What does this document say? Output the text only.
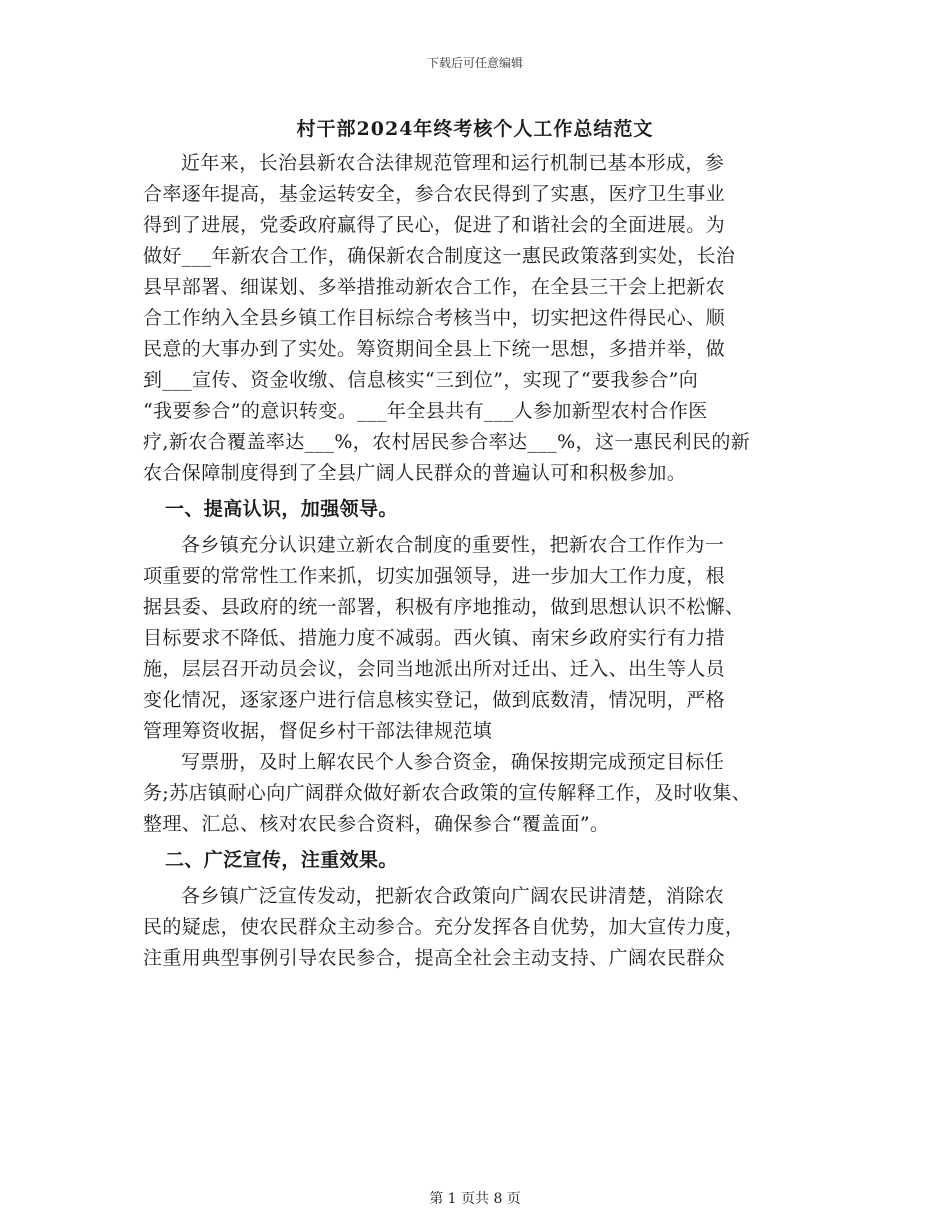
下载后可任意编辑
村干部2024年终考核个人工作总结范文
近年来，长治县新农合法律规范管理和运行机制已基本形成，参
合率逐年提高，基金运转安全，参合农民得到了实惠，医疗卫生事业
得到了进展，党委政府赢得了民心，促进了和谐社会的全面进展。为
做好___年新农合工作，确保新农合制度这一惠民政策落到实处，长治
县早部署、细谋划、多举措推动新农合工作，在全县三干会上把新农
合工作纳入全县乡镇工作目标综合考核当中，切实把这件得民心、顺
民意的大事办到了实处。筹资期间全县上下统一思想，多措并举，做
到___宣传、资金收缴、信息核实“三到位”，实现了“要我参合”向
“我要参合”的意识转变。___年全县共有___人参加新型农村合作医
疗,新农合覆盖率达___%，农村居民参合率达___%，这一惠民利民的新
农合保障制度得到了全县广阔人民群众的普遍认可和积极参加。
一、提高认识，加强领导。
各乡镇充分认识建立新农合制度的重要性，把新农合工作作为一
项重要的常常性工作来抓，切实加强领导，进一步加大工作力度，根
据县委、县政府的统一部署，积极有序地推动，做到思想认识不松懈、
目标要求不降低、措施力度不减弱。西火镇、南宋乡政府实行有力措
施，层层召开动员会议，会同当地派出所对迁出、迁入、出生等人员
变化情况，逐家逐户进行信息核实登记，做到底数清，情况明，严格
管理筹资收据，督促乡村干部法律规范填
写票册，及时上解农民个人参合资金，确保按期完成预定目标任
务;苏店镇耐心向广阔群众做好新农合政策的宣传解释工作，及时收集、
整理、汇总、核对农民参合资料，确保参合“覆盖面”。
二、广泛宣传，注重效果。
各乡镇广泛宣传发动，把新农合政策向广阔农民讲清楚，消除农
民的疑虑，使农民群众主动参合。充分发挥各自优势，加大宣传力度，
注重用典型事例引导农民参合，提高全社会主动支持、广阔农民群众
第 1 页共 8 页
